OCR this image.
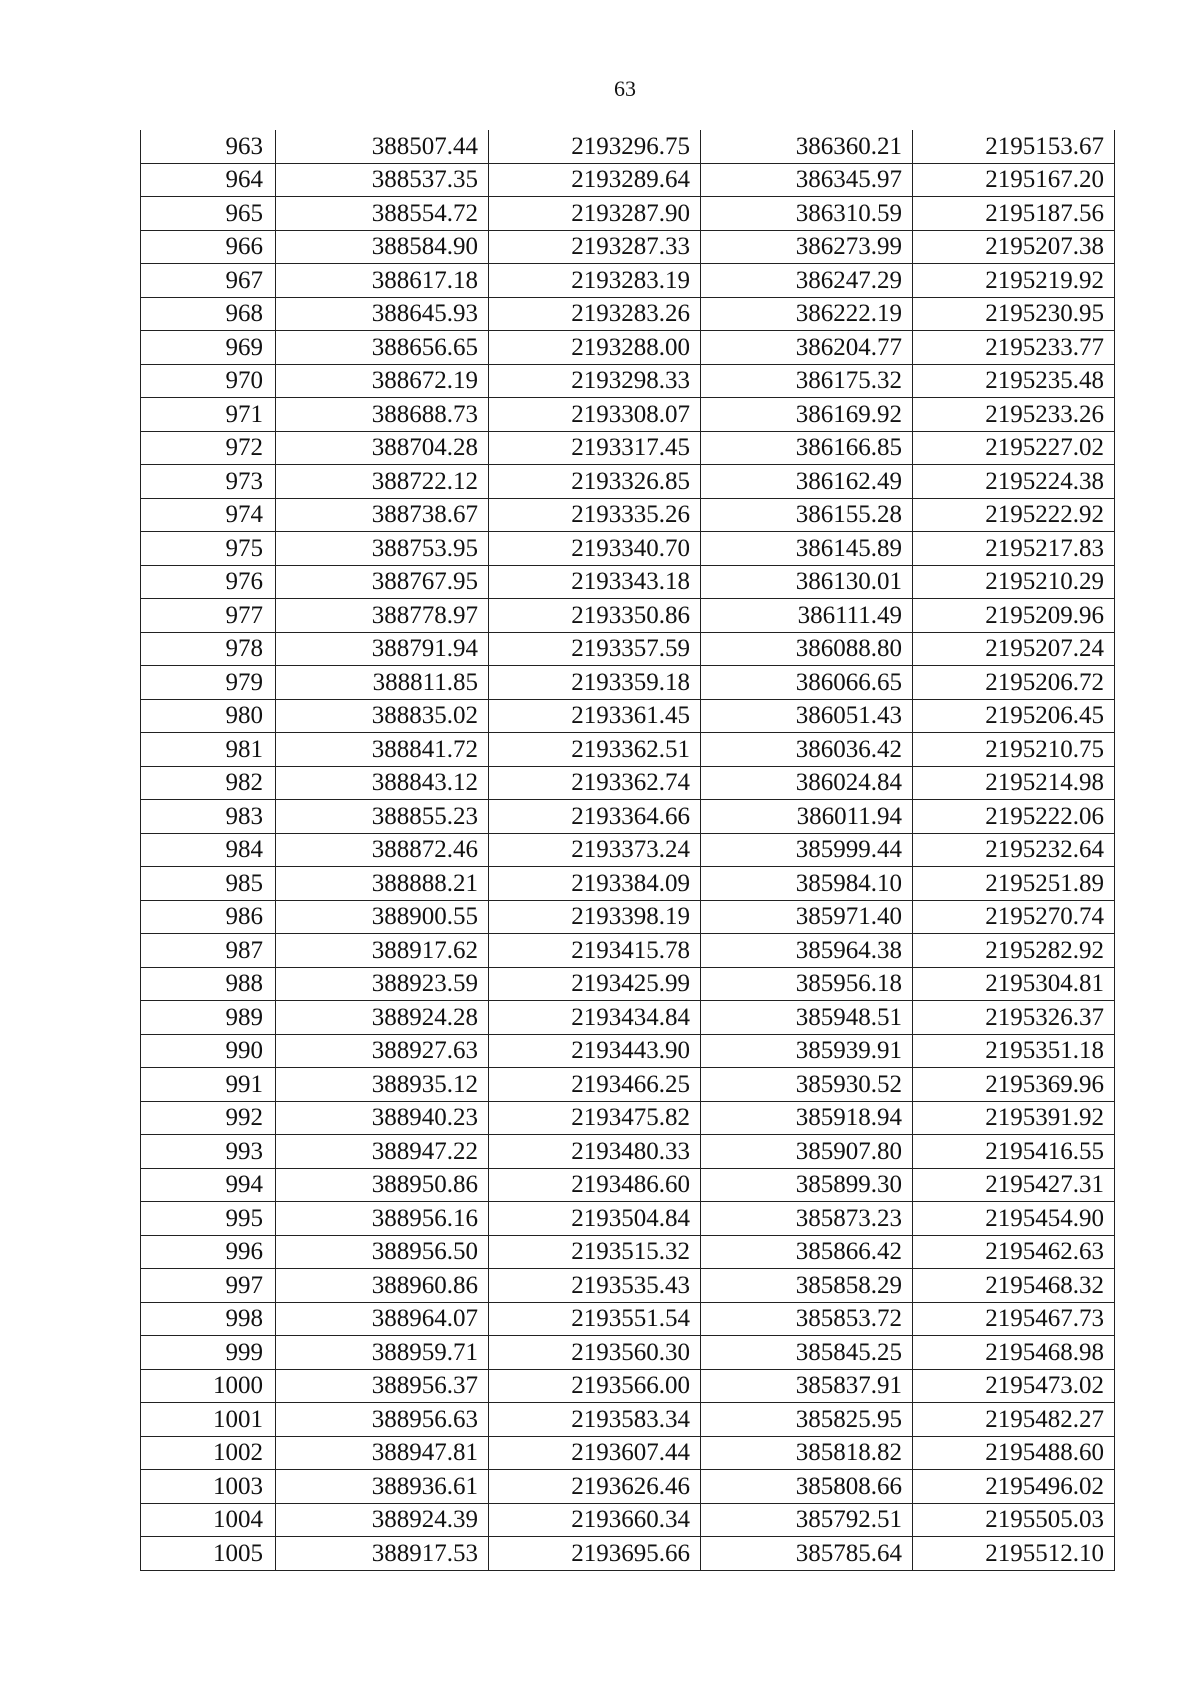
63
963	388507.44	2193296.75	386360.21	2195153.67
964	388537.35	2193289.64	386345.97	2195167.20
965	388554.72	2193287.90	386310.59	2195187.56
966	388584.90	2193287.33	386273.99	2195207.38
967	388617.18	2193283.19	386247.29	2195219.92
968	388645.93	2193283.26	386222.19	2195230.95
969	388656.65	2193288.00	386204.77	2195233.77
970	388672.19	2193298.33	386175.32	2195235.48
971	388688.73	2193308.07	386169.92	2195233.26
972	388704.28	2193317.45	386166.85	2195227.02
973	388722.12	2193326.85	386162.49	2195224.38
974	388738.67	2193335.26	386155.28	2195222.92
975	388753.95	2193340.70	386145.89	2195217.83
976	388767.95	2193343.18	386130.01	2195210.29
977	388778.97	2193350.86	386111.49	2195209.96
978	388791.94	2193357.59	386088.80	2195207.24
979	388811.85	2193359.18	386066.65	2195206.72
980	388835.02	2193361.45	386051.43	2195206.45
981	388841.72	2193362.51	386036.42	2195210.75
982	388843.12	2193362.74	386024.84	2195214.98
983	388855.23	2193364.66	386011.94	2195222.06
984	388872.46	2193373.24	385999.44	2195232.64
985	388888.21	2193384.09	385984.10	2195251.89
986	388900.55	2193398.19	385971.40	2195270.74
987	388917.62	2193415.78	385964.38	2195282.92
988	388923.59	2193425.99	385956.18	2195304.81
989	388924.28	2193434.84	385948.51	2195326.37
990	388927.63	2193443.90	385939.91	2195351.18
991	388935.12	2193466.25	385930.52	2195369.96
992	388940.23	2193475.82	385918.94	2195391.92
993	388947.22	2193480.33	385907.80	2195416.55
994	388950.86	2193486.60	385899.30	2195427.31
995	388956.16	2193504.84	385873.23	2195454.90
996	388956.50	2193515.32	385866.42	2195462.63
997	388960.86	2193535.43	385858.29	2195468.32
998	388964.07	2193551.54	385853.72	2195467.73
999	388959.71	2193560.30	385845.25	2195468.98
1000	388956.37	2193566.00	385837.91	2195473.02
1001	388956.63	2193583.34	385825.95	2195482.27
1002	388947.81	2193607.44	385818.82	2195488.60
1003	388936.61	2193626.46	385808.66	2195496.02
1004	388924.39	2193660.34	385792.51	2195505.03
1005	388917.53	2193695.66	385785.64	2195512.10
